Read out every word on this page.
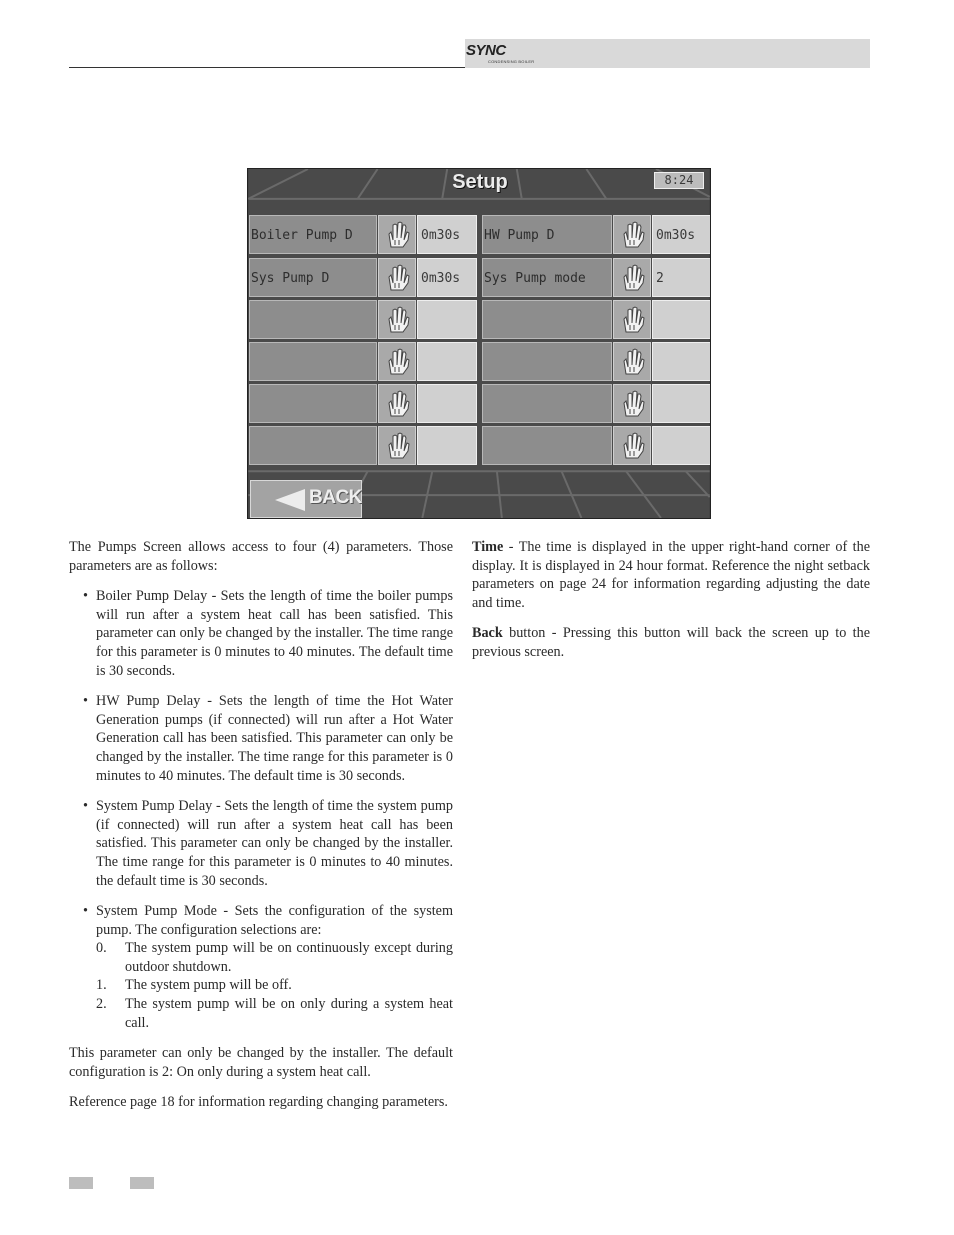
SYNC
CONDENSING BOILER
Setup	8:24
Boiler Pump D	0m30s	HW Pump D	0m30s
Sys Pump D	0m30s	Sys Pump mode	2
BACK

The Pumps Screen allows access to four (4) parameters. Those parameters are as follows:

• Boiler Pump Delay - Sets the length of time the boiler pumps will run after a system heat call has been satisfied. This parameter can only be changed by the installer. The time range for this parameter is 0 minutes to 40 minutes. The default time is 30 seconds.

• HW Pump Delay - Sets the length of time the Hot Water Generation pumps (if connected) will run after a Hot Water Generation call has been satisfied. This parameter can only be changed by the installer. The time range for this parameter is 0 minutes to 40 minutes. The default time is 30 seconds.

• System Pump Delay - Sets the length of time the system pump (if connected) will run after a system heat call has been satisfied. This parameter can only be changed by the installer. The time range for this parameter is 0 minutes to 40 minutes. the default time is 30 seconds.

• System Pump Mode - Sets the configuration of the system pump. The configuration selections are:

0. The system pump will be on continuously except during outdoor shutdown.

1. The system pump will be off.

2. The system pump will be on only during a system heat call.

This parameter can only be changed by the installer. The default configuration is 2: On only during a system heat call.

Reference page 18 for information regarding changing parameters.

Time - The time is displayed in the upper right-hand corner of the display. It is displayed in 24 hour format. Reference the night setback parameters on page 24 for information regarding adjusting the date and time.

Back button - Pressing this button will back the screen up to the previous screen.
